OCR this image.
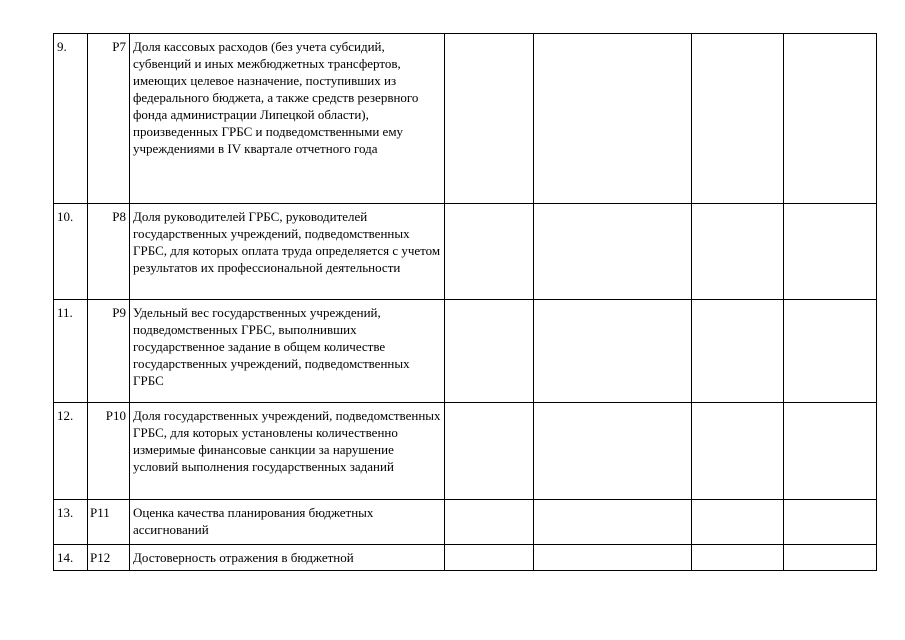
9.	Р7	Доля кассовых расходов (без учета субсидий, субвенций и иных межбюджетных трансфертов, имеющих целевое назначение, поступивших из федерального бюджета, а также средств резервного фонда администрации Липецкой области), произведенных ГРБС и подведомственными ему учреждениями в IV квартале отчетного года				
10.	Р8	Доля руководителей ГРБС, руководителей государственных учреждений, подведомственных ГРБС, для которых оплата труда определяется с учетом результатов их профессиональной деятельности				
11.	Р9	Удельный вес государственных учреждений, подведомственных ГРБС, выполнивших государственное задание в общем количестве государственных учреждений, подведомственных ГРБС				
12.	Р10	Доля государственных учреждений, подведомственных ГРБС, для которых установлены количественно измеримые финансовые санкции за нарушение условий выполнения государственных заданий				
13.	Р11	Оценка качества планирования бюджетных ассигнований				
14.	Р12	Достоверность отражения в бюджетной				
